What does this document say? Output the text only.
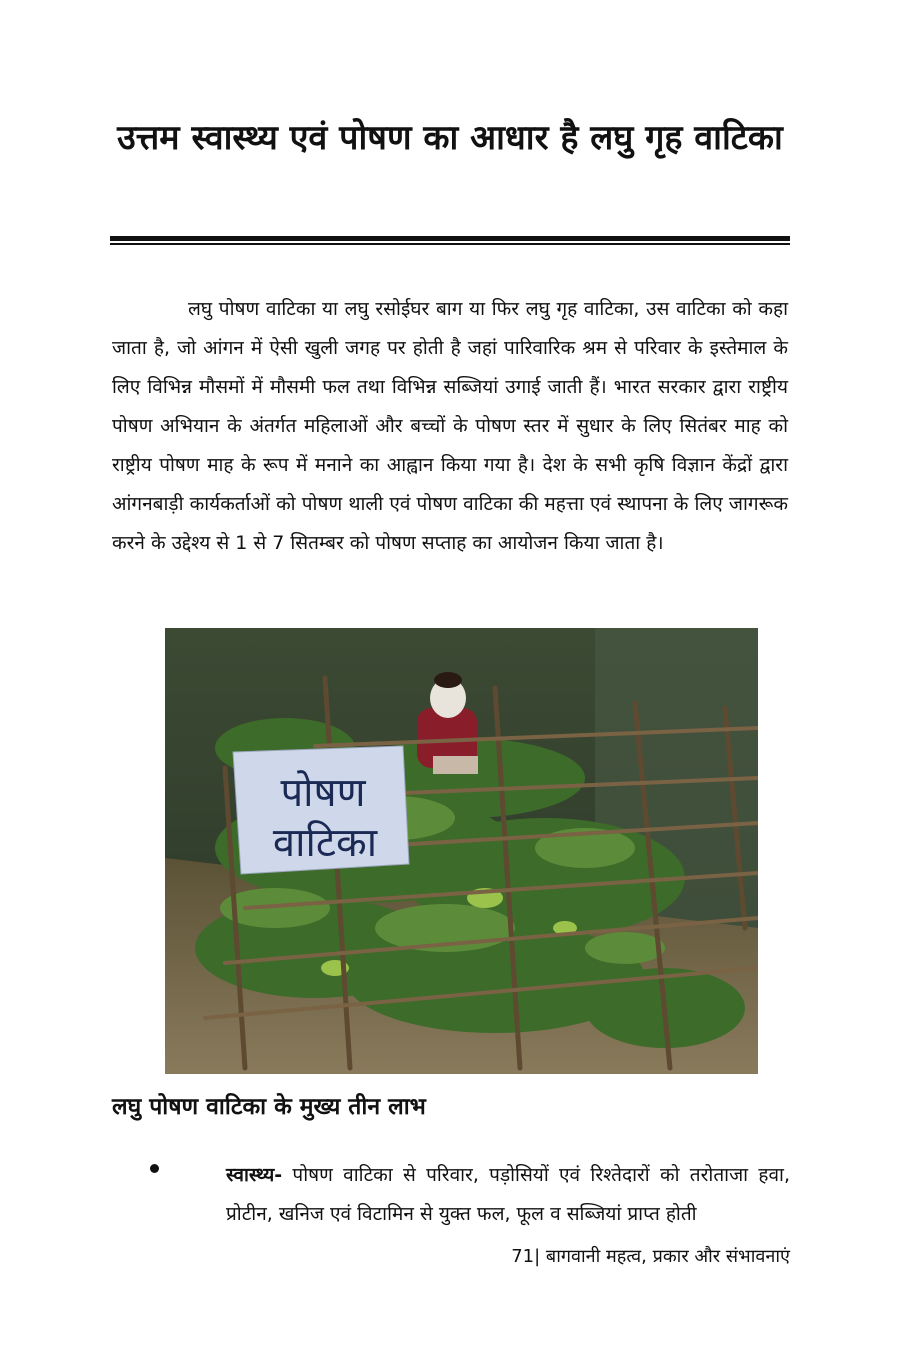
उत्तम स्वास्थ्य एवं पोषण का आधार है लघु गृह वाटिका

लघु पोषण वाटिका या लघु रसोईघर बाग या फिर लघु गृह वाटिका, उस वाटिका को कहा जाता है, जो आंगन में ऐसी खुली जगह पर होती है जहां पारिवारिक श्रम से परिवार के इस्तेमाल के लिए विभिन्न मौसमों में मौसमी फल तथा विभिन्न सब्जियां उगाई जाती हैं। भारत सरकार द्वारा राष्ट्रीय पोषण अभियान के अंतर्गत महिलाओं और बच्चों के पोषण स्तर में सुधार के लिए सितंबर माह को राष्ट्रीय पोषण माह के रूप में मनाने का आह्वान किया गया है। देश के सभी कृषि विज्ञान केंद्रों द्वारा आंगनबाड़ी कार्यकर्ताओं को पोषण थाली एवं पोषण वाटिका की महत्ता एवं स्थापना के लिए जागरूक करने के उद्देश्य से 1 से 7 सितम्बर को पोषण सप्ताह का आयोजन किया जाता है।

पोषण
वाटिका
लघु पोषण वाटिका के मुख्य तीन लाभ

स्वास्थ्य- पोषण वाटिका से परिवार, पड़ोसियों एवं रिश्तेदारों को तरोताजा हवा, प्रोटीन, खनिज एवं विटामिन से युक्त फल, फूल व सब्जियां प्राप्त होती

71| बागवानी महत्व, प्रकार और संभावनाएं
